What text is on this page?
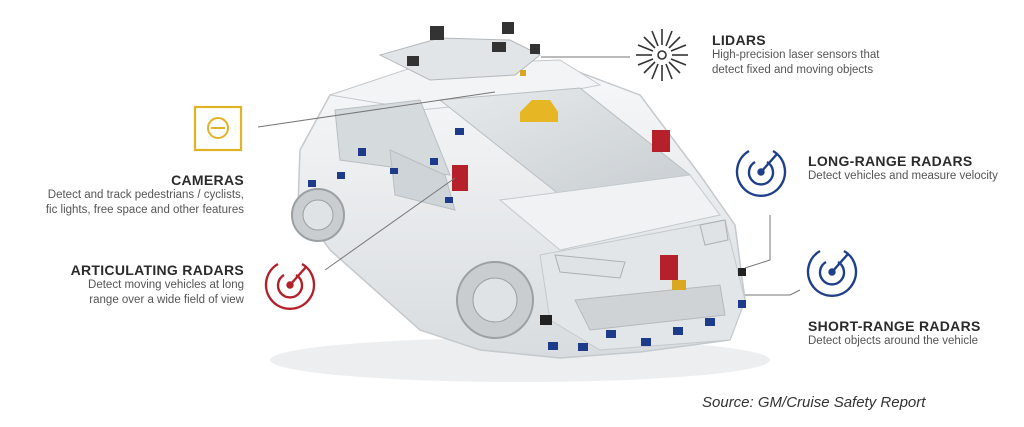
LIDARS
High-precision laser sensors that
detect fixed and moving objects
CAMERAS
Detect and track pedestrians / cyclists,
fic lights, free space and other features
LONG-RANGE RADARS
Detect vehicles and measure velocity
ARTICULATING RADARS
Detect moving vehicles at long
range over a wide field of view
SHORT-RANGE RADARS
Detect objects around the vehicle
Source: GM/Cruise Safety Report
